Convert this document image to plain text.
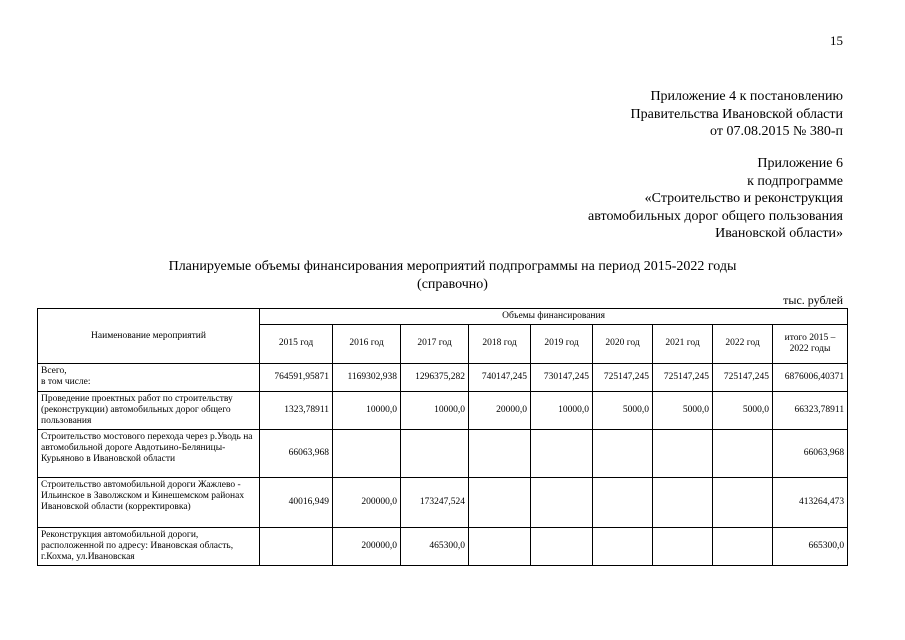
15
Приложение 4 к постановлению
Правительства Ивановской области
от 07.08.2015 № 380-п
Приложение 6
к подпрограмме
«Строительство и реконструкция
автомобильных дорог общего пользования
Ивановской области»
Планируемые объемы финансирования мероприятий подпрограммы на период 2015-2022 годы
(справочно)
тыс. рублей
Наименование мероприятий	Объемы финансирования								
	2015 год	2016 год	2017 год	2018 год	2019 год	2020 год	2021 год	2022 год	итого 2015 – 2022 годы
Всего,
в том числе:	764591,95871	1169302,938	1296375,282	740147,245	730147,245	725147,245	725147,245	725147,245	6876006,40371
Проведение проектных работ по строительству (реконструкции) автомобильных дорог общего пользования	1323,78911	10000,0	10000,0	20000,0	10000,0	5000,0	5000,0	5000,0	66323,78911
Строительство мостового перехода через р.Уводь на автомобильной дороге Авдотьино-Беляницы-Курьяново в Ивановской области	66063,968								66063,968
Строительство автомобильной дороги Жажлево - Ильинское в Заволжском и Кинешемском районах Ивановской области (корректировка)	40016,949	200000,0	173247,524						413264,473
Реконструкция автомобильной дороги, расположенной по адресу: Ивановская область, г.Кохма, ул.Ивановская		200000,0	465300,0						665300,0
